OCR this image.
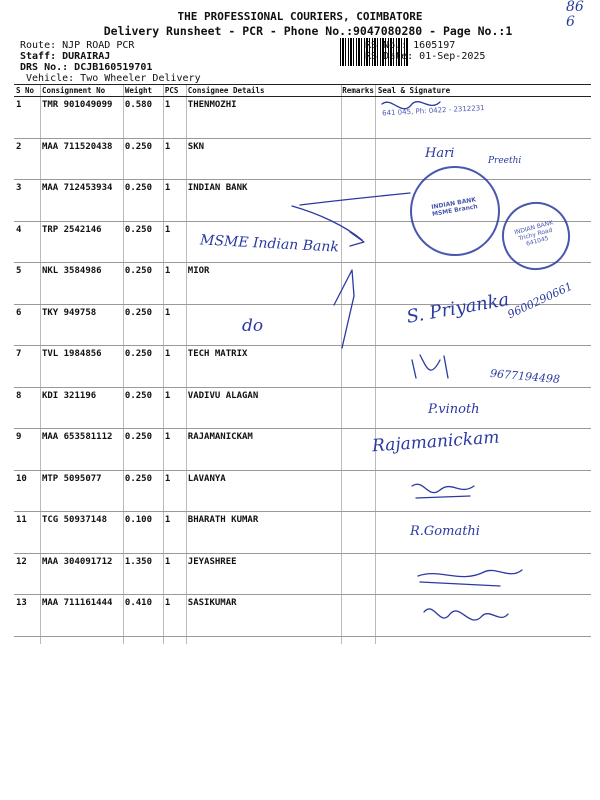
86
6
THE PROFESSIONAL COURIERS, COIMBATORE
Delivery Runsheet - PCR - Phone No.:9047080280 - Page No.:1
Route: NJP ROAD PCR
Staff: DURAIRAJ
DRS No.: DCJB160519701
Vehicle: Two Wheeler Delivery
RS No.: 1605197
RS Date: 01-Sep-2025
S No	Consignment No	Weight	PCS	Consignee Details	Remarks	Seal & Signature
1	TMR 901049099	0.580	1	THENMOZHI		
2	MAA 711520438	0.250	1	SKN		
3	MAA 712453934	0.250	1	INDIAN BANK		
4	TRP 2542146	0.250	1			
5	NKL 3584986	0.250	1	MIOR		
6	TKY 949758	0.250	1			
7	TVL 1984856	0.250	1	TECH MATRIX		
8	KDI 321196	0.250	1	VADIVU ALAGAN		
9	MAA 653581112	0.250	1	RAJAMANICKAM		
10	MTP 5095077	0.250	1	LAVANYA		
11	TCG 50937148	0.100	1	BHARATH KUMAR		
12	MAA 304091712	1.350	1	JEYASHREE		
13	MAA 711161444	0.410	1	SASIKUMAR		
641 045, Ph: 0422 - 2312231
INDIAN BANK MSME Branch
INDIAN BANK Trichy Road 641045
Hari	Preethi
MSME Indian Bank
do	S. Priyanka
9600290661
9677194498
P.vinoth
Rajamanickam
R.Gomathi
